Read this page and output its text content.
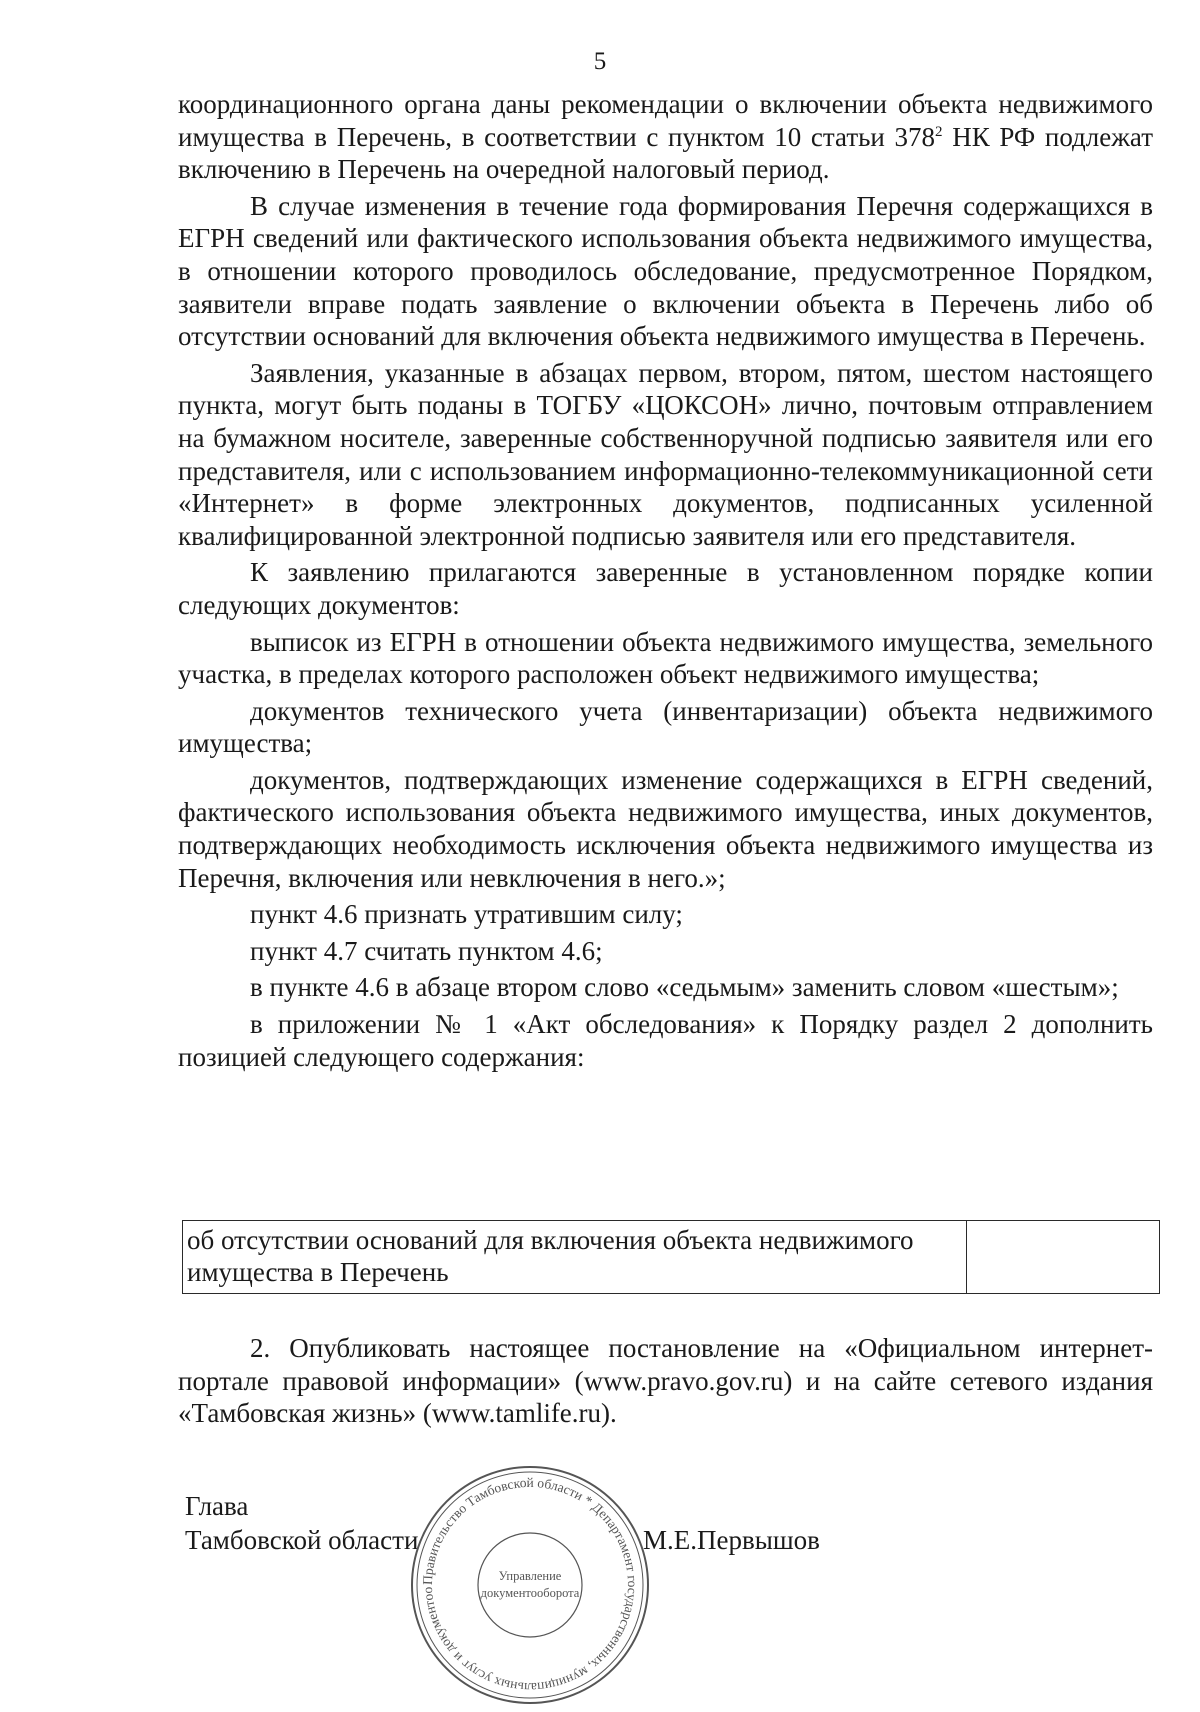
5

координационного органа даны рекомендации о включении объекта недвижимого имущества в Перечень, в соответствии с пунктом 10 статьи $378^2$ НК РФ подлежат включению в Перечень на очередной налоговый период.

В случае изменения в течение года формирования Перечня содержащихся в ЕГРН сведений или фактического использования объекта недвижимого имущества, в отношении которого проводилось обследование, предусмотренное Порядком, заявители вправе подать заявление о включении объекта в Перечень либо об отсутствии оснований для включения объекта недвижимого имущества в Перечень.

Заявления, указанные в абзацах первом, втором, пятом, шестом настоящего пункта, могут быть поданы в ТОГБУ «ЦОКСОН» лично, почтовым отправлением на бумажном носителе, заверенные собственноручной подписью заявителя или его представителя, или с использованием информационно-телекоммуникационной сети «Интернет» в форме электронных документов, подписанных усиленной квалифицированной электронной подписью заявителя или его представителя.

К заявлению прилагаются заверенные в установленном порядке копии следующих документов:

выписок из ЕГРН в отношении объекта недвижимого имущества, земельного участка, в пределах которого расположен объект недвижимого имущества;

документов технического учета (инвентаризации) объекта недвижимого имущества;

документов, подтверждающих изменение содержащихся в ЕГРН сведений, фактического использования объекта недвижимого имущества, иных документов, подтверждающих необходимость исключения объекта недвижимого имущества из Перечня, включения или невключения в него.»;

пункт 4.6 признать утратившим силу;

пункт 4.7 считать пунктом 4.6;

в пункте 4.6 в абзаце втором слово «седьмым» заменить словом «шестым»;

в приложении № 1 «Акт обследования» к Порядку раздел 2 дополнить позицией следующего содержания:

об отсутствии оснований для включения объекта недвижимого имущества в Перечень	
2. Опубликовать настоящее постановление на «Официальном интернет-портале правовой информации» (www.pravo.gov.ru) и на сайте сетевого издания «Тамбовская жизнь» (www.tamlife.ru).
Глава
Тамбовской области	М.Е.Первышов
Правительство Тамбовской области * Департамент государственных, муниципальных услуг и документоо
Управление
документооборота
